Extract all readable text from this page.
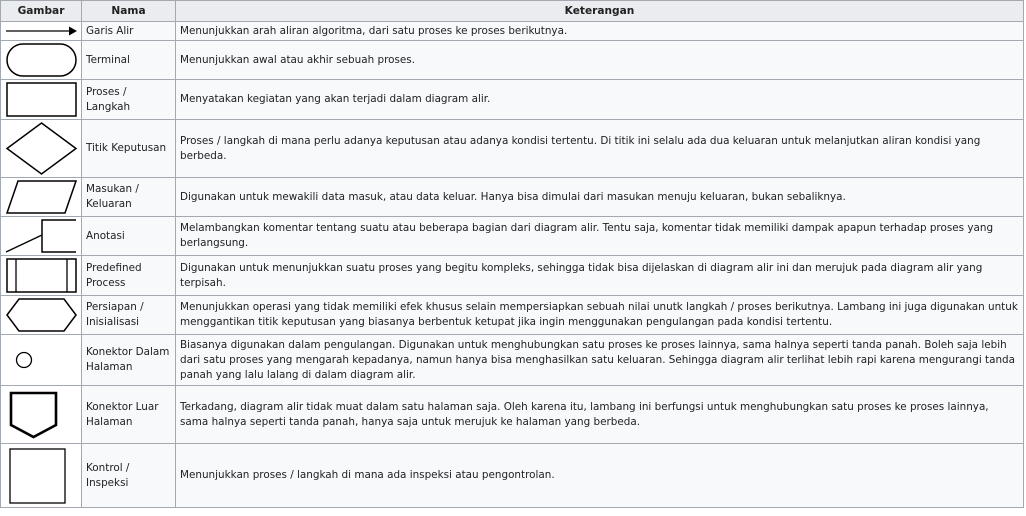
Gambar	Nama	Keterangan

	Garis Alir	Menunjukkan arah aliran algoritma, dari satu proses ke proses berikutnya.

	Terminal	Menunjukkan awal atau akhir sebuah proses.

	Proses / Langkah	Menyatakan kegiatan yang akan terjadi dalam diagram alir.

	Titik Keputusan	Proses / langkah di mana perlu adanya keputusan atau adanya kondisi tertentu. Di titik ini selalu ada dua keluaran untuk melanjutkan aliran kondisi yang berbeda.

	Masukan / Keluaran	Digunakan untuk mewakili data masuk, atau data keluar. Hanya bisa dimulai dari masukan menuju keluaran, bukan sebaliknya.

	Anotasi	Melambangkan komentar tentang suatu atau beberapa bagian dari diagram alir. Tentu saja, komentar tidak memiliki dampak apapun terhadap proses yang berlangsung.

	Predefined Process	Digunakan untuk menunjukkan suatu proses yang begitu kompleks, sehingga tidak bisa dijelaskan di diagram alir ini dan merujuk pada diagram alir yang terpisah.

	Persiapan / Inisialisasi	Menunjukkan operasi yang tidak memiliki efek khusus selain mempersiapkan sebuah nilai unutk langkah / proses berikutnya. Lambang ini juga digunakan untuk menggantikan titik keputusan yang biasanya berbentuk ketupat jika ingin menggunakan pengulangan pada kondisi tertentu.

	Konektor Dalam Halaman	Biasanya digunakan dalam pengulangan. Digunakan untuk menghubungkan satu proses ke proses lainnya, sama halnya seperti tanda panah. Boleh saja lebih dari satu proses yang mengarah kepadanya, namun hanya bisa menghasilkan satu keluaran. Sehingga diagram alir terlihat lebih rapi karena mengurangi tanda panah yang lalu lalang di dalam diagram alir.

	Konektor Luar Halaman	Terkadang, diagram alir tidak muat dalam satu halaman saja. Oleh karena itu, lambang ini berfungsi untuk menghubungkan satu proses ke proses lainnya, sama halnya seperti tanda panah, hanya saja untuk merujuk ke halaman yang berbeda.

	Kontrol / Inspeksi	Menunjukkan proses / langkah di mana ada inspeksi atau pengontrolan.
